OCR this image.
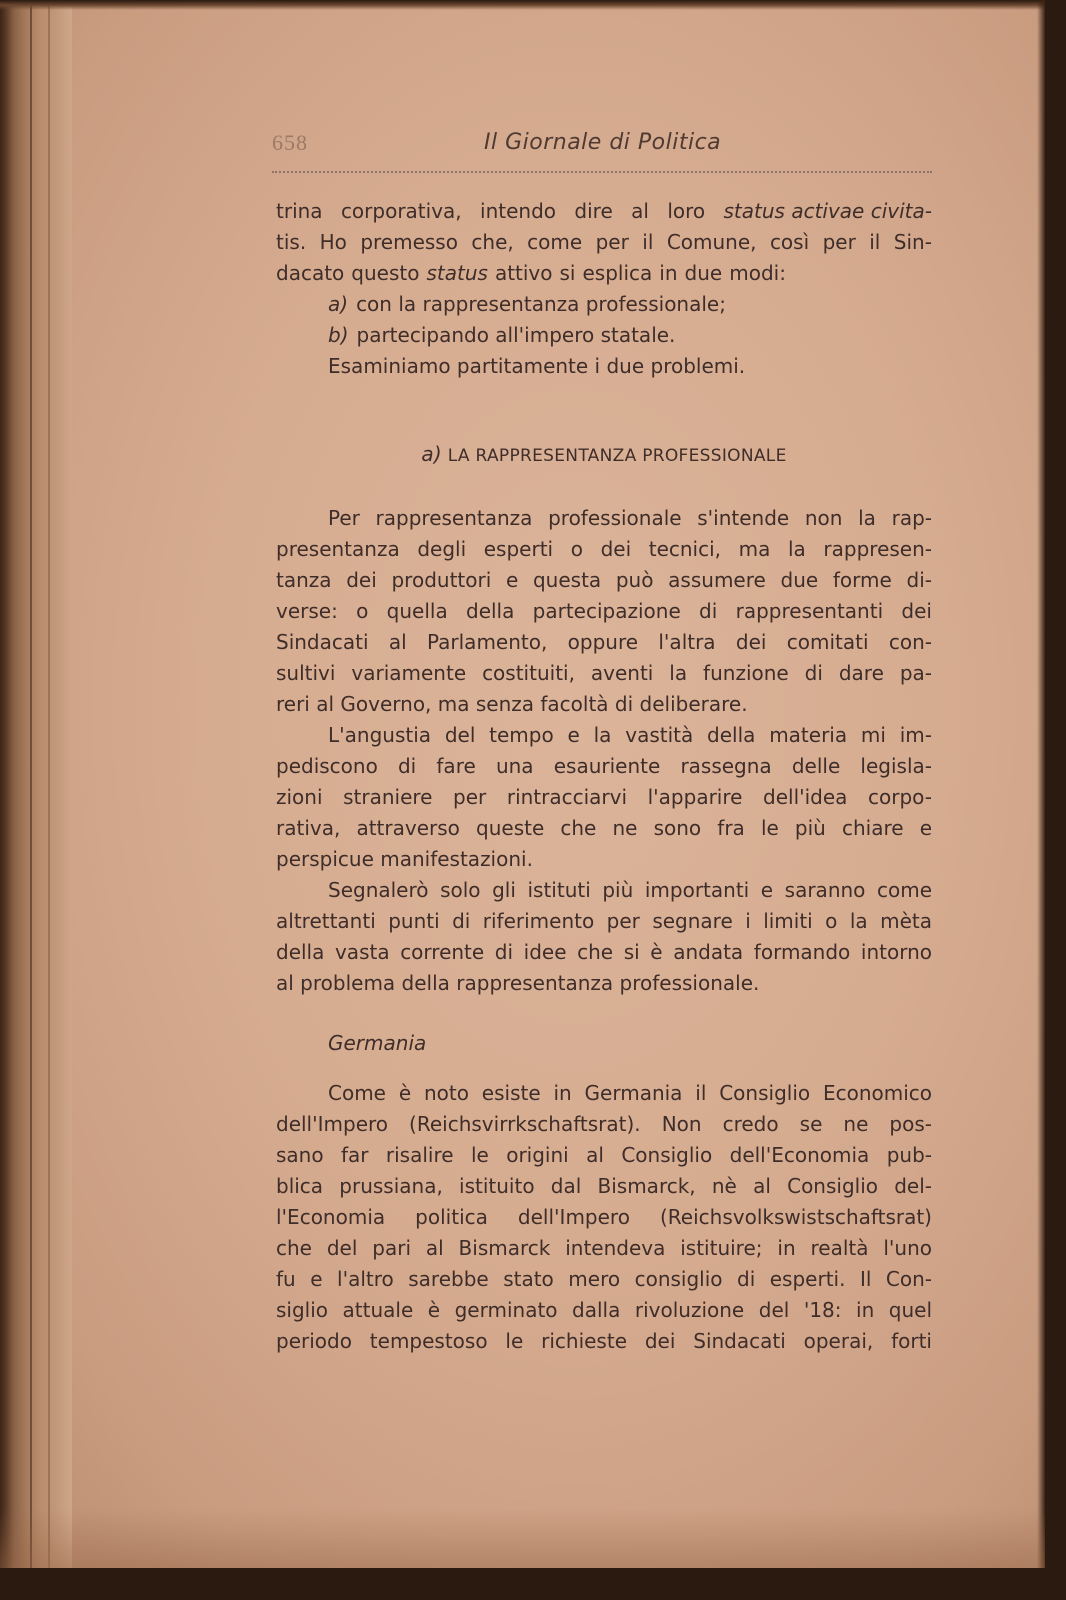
658	Il Giornale di Politica
trina corporativa, intendo dire al loro status activae civita-
tis. Ho premesso che, come per il Comune, così per il Sin-
dacato questo status attivo si esplica in due modi:
a) con la rappresentanza professionale;
b) partecipando all'impero statale.
Esaminiamo partitamente i due problemi.
a) LA RAPPRESENTANZA PROFESSIONALE
Per rappresentanza professionale s'intende non la rap-
presentanza degli esperti o dei tecnici, ma la rappresen-
tanza dei produttori e questa può assumere due forme di-
verse: o quella della partecipazione di rappresentanti dei
Sindacati al Parlamento, oppure l'altra dei comitati con-
sultivi variamente costituiti, aventi la funzione di dare pa-
reri al Governo, ma senza facoltà di deliberare.
L'angustia del tempo e la vastità della materia mi im-
pediscono di fare una esauriente rassegna delle legisla-
zioni straniere per rintracciarvi l'apparire dell'idea corpo-
rativa, attraverso queste che ne sono fra le più chiare e
perspicue manifestazioni.
Segnalerò solo gli istituti più importanti e saranno come
altrettanti punti di riferimento per segnare i limiti o la mèta
della vasta corrente di idee che si è andata formando intorno
al problema della rappresentanza professionale.
Germania
Come è noto esiste in Germania il Consiglio Economico
dell'Impero (Reichsvirrkschaftsrat). Non credo se ne pos-
sano far risalire le origini al Consiglio dell'Economia pub-
blica prussiana, istituito dal Bismarck, nè al Consiglio del-
l'Economia politica dell'Impero (Reichsvolkswistschaftsrat)
che del pari al Bismarck intendeva istituire; in realtà l'uno
fu e l'altro sarebbe stato mero consiglio di esperti. Il Con-
siglio attuale è germinato dalla rivoluzione del '18: in quel
periodo tempestoso le richieste dei Sindacati operai, forti
